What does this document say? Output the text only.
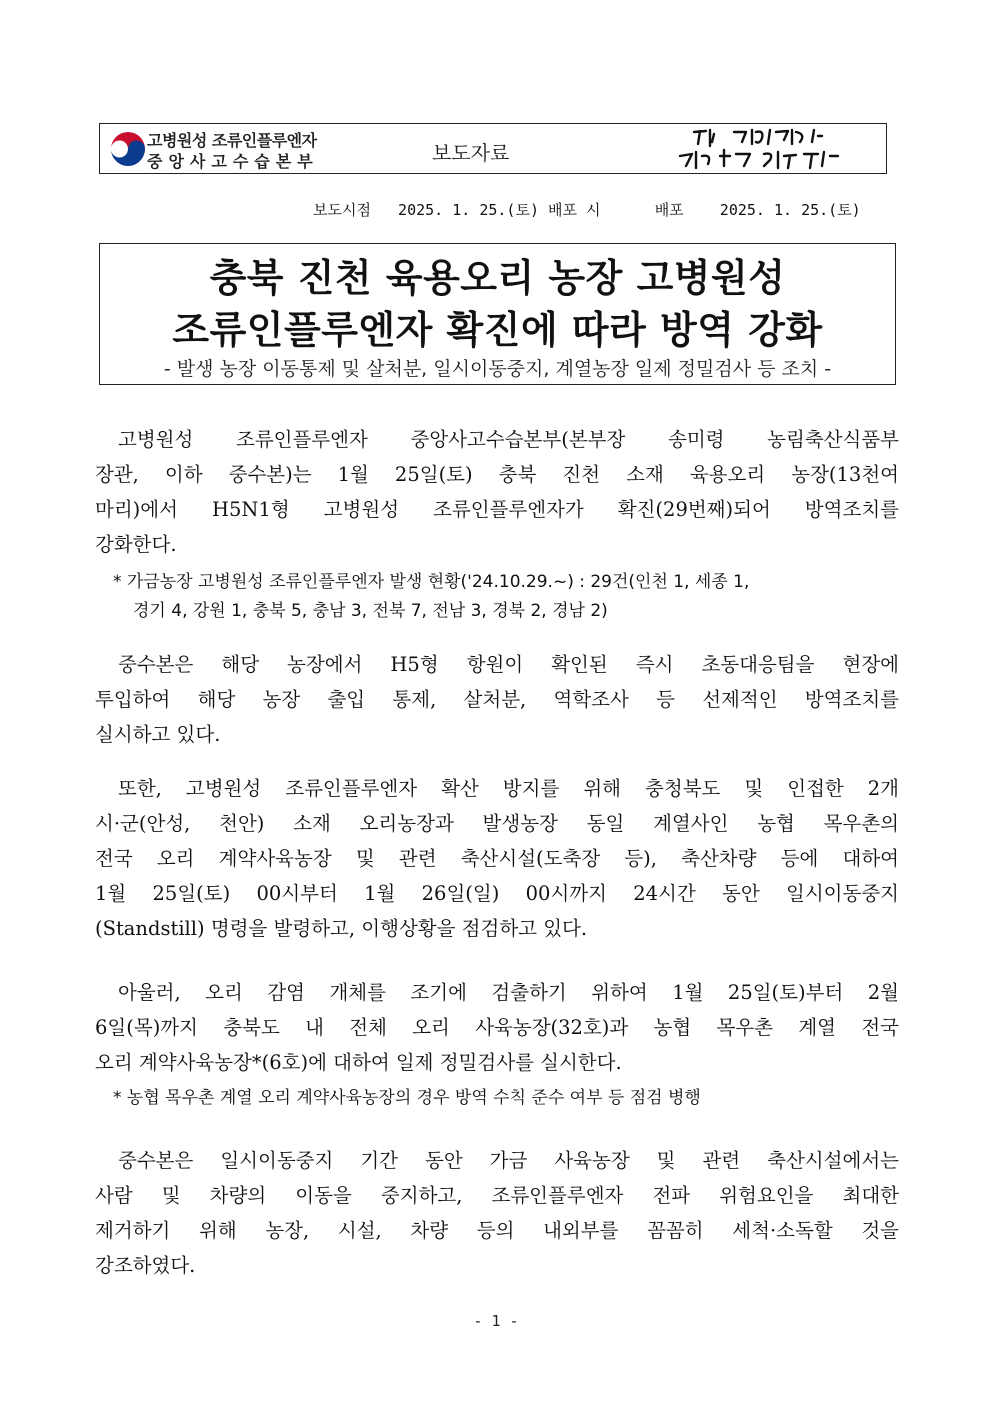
고병원성 조류인플루엔자
중앙사고수습본부	보도자료
보도시점   2025. 1. 25.(토) 배포 시      배포    2025. 1. 25.(토)
충북 진천 육용오리 농장 고병원성
조류인플루엔자 확진에 따라 방역 강화
- 발생 농장 이동통제 및 살처분, 일시이동중지, 계열농장 일제 정밀검사 등 조치 -
고병원성 조류인플루엔자 중앙사고수습본부(본부장 송미령 농림축산식품부
장관, 이하 중수본)는 1월 25일(토) 충북 진천 소재 육용오리 농장(13천여
마리)에서 H5N1형 고병원성 조류인플루엔자가 확진(29번째)되어 방역조치를
강화한다.
* 가금농장 고병원성 조류인플루엔자 발생 현황('24.10.29.~) : 29건(인천 1, 세종 1,
경기 4, 강원 1, 충북 5, 충남 3, 전북 7, 전남 3, 경북 2, 경남 2)
중수본은 해당 농장에서 H5형 항원이 확인된 즉시 초동대응팀을 현장에
투입하여 해당 농장 출입 통제, 살처분, 역학조사 등 선제적인 방역조치를
실시하고 있다.
또한, 고병원성 조류인플루엔자 확산 방지를 위해 충청북도 및 인접한 2개
시·군(안성, 천안) 소재 오리농장과 발생농장 동일 계열사인 농협 목우촌의
전국 오리 계약사육농장 및 관련 축산시설(도축장 등), 축산차량 등에 대하여
1월 25일(토) 00시부터 1월 26일(일) 00시까지 24시간 동안 일시이동중지
(Standstill) 명령을 발령하고, 이행상황을 점검하고 있다.
아울러, 오리 감염 개체를 조기에 검출하기 위하여 1월 25일(토)부터 2월
6일(목)까지 충북도 내 전체 오리 사육농장(32호)과 농협 목우촌 계열 전국
오리 계약사육농장*(6호)에 대하여 일제 정밀검사를 실시한다.
* 농협 목우촌 계열 오리 계약사육농장의 경우 방역 수칙 준수 여부 등 점검 병행
중수본은 일시이동중지 기간 동안 가금 사육농장 및 관련 축산시설에서는
사람 및 차량의 이동을 중지하고, 조류인플루엔자 전파 위험요인을 최대한
제거하기 위해 농장, 시설, 차량 등의 내외부를 꼼꼼히 세척·소독할 것을
강조하였다.
- 1 -
